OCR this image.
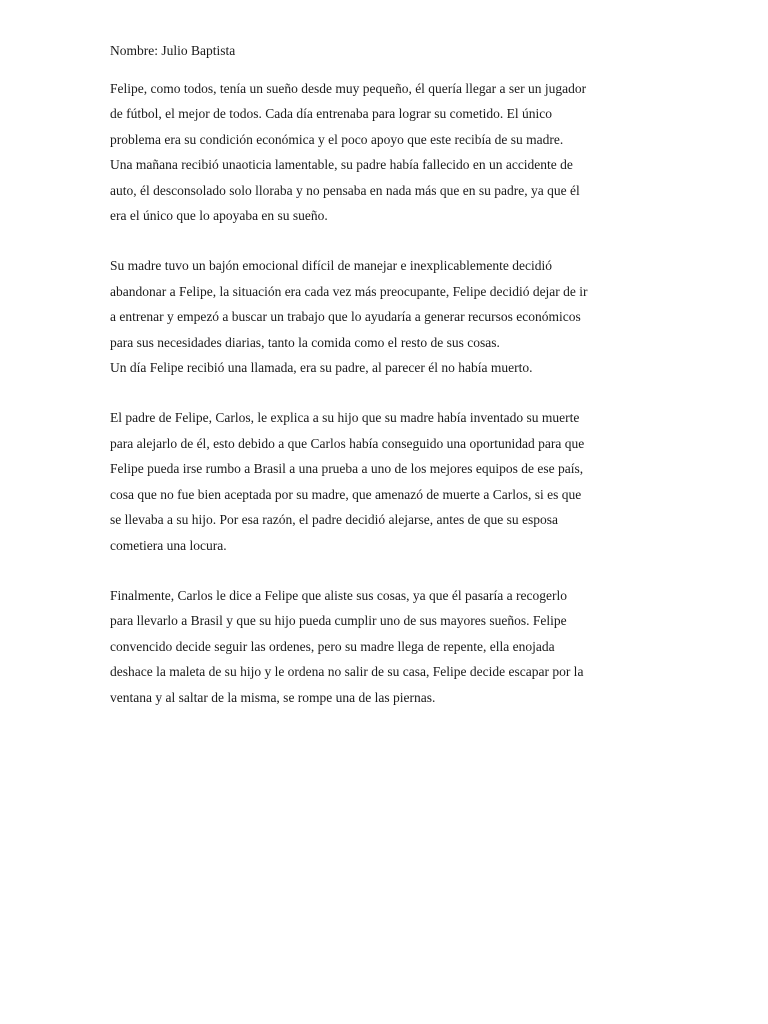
Nombre: Julio Baptista
Felipe, como todos, tenía un sueño desde muy pequeño, él quería llegar a ser un jugador
de fútbol, el mejor de todos. Cada día entrenaba para lograr su cometido. El único
problema era su condición económica y el poco apoyo que este recibía de su madre.
Una mañana recibió unaoticia lamentable, su padre había fallecido en un accidente de
auto, él desconsolado solo lloraba y no pensaba en nada más que en su padre, ya que él
era el único que lo apoyaba en su sueño.
Su madre tuvo un bajón emocional difícil de manejar e inexplicablemente decidió
abandonar a Felipe, la situación era cada vez más preocupante, Felipe decidió dejar de ir
a entrenar y empezó a buscar un trabajo que lo ayudaría a generar recursos económicos
para sus necesidades diarias, tanto la comida como el resto de sus cosas.
Un día Felipe recibió una llamada, era su padre, al parecer él no había muerto.
El padre de Felipe, Carlos, le explica a su hijo que su madre había inventado su muerte
para alejarlo de él, esto debido a que Carlos había conseguido una oportunidad para que
Felipe pueda irse rumbo a Brasil a una prueba a uno de los mejores equipos de ese país,
cosa que no fue bien aceptada por su madre, que amenazó de muerte a Carlos, si es que
se llevaba a su hijo. Por esa razón, el padre decidió alejarse, antes de que su esposa
cometiera una locura.
Finalmente, Carlos le dice a Felipe que aliste sus cosas, ya que él pasaría a recogerlo
para llevarlo a Brasil y que su hijo pueda cumplir uno de sus mayores sueños. Felipe
convencido decide seguir las ordenes, pero su madre llega de repente, ella enojada
deshace la maleta de su hijo y le ordena no salir de su casa, Felipe decide escapar por la
ventana y al saltar de la misma, se rompe una de las piernas.
